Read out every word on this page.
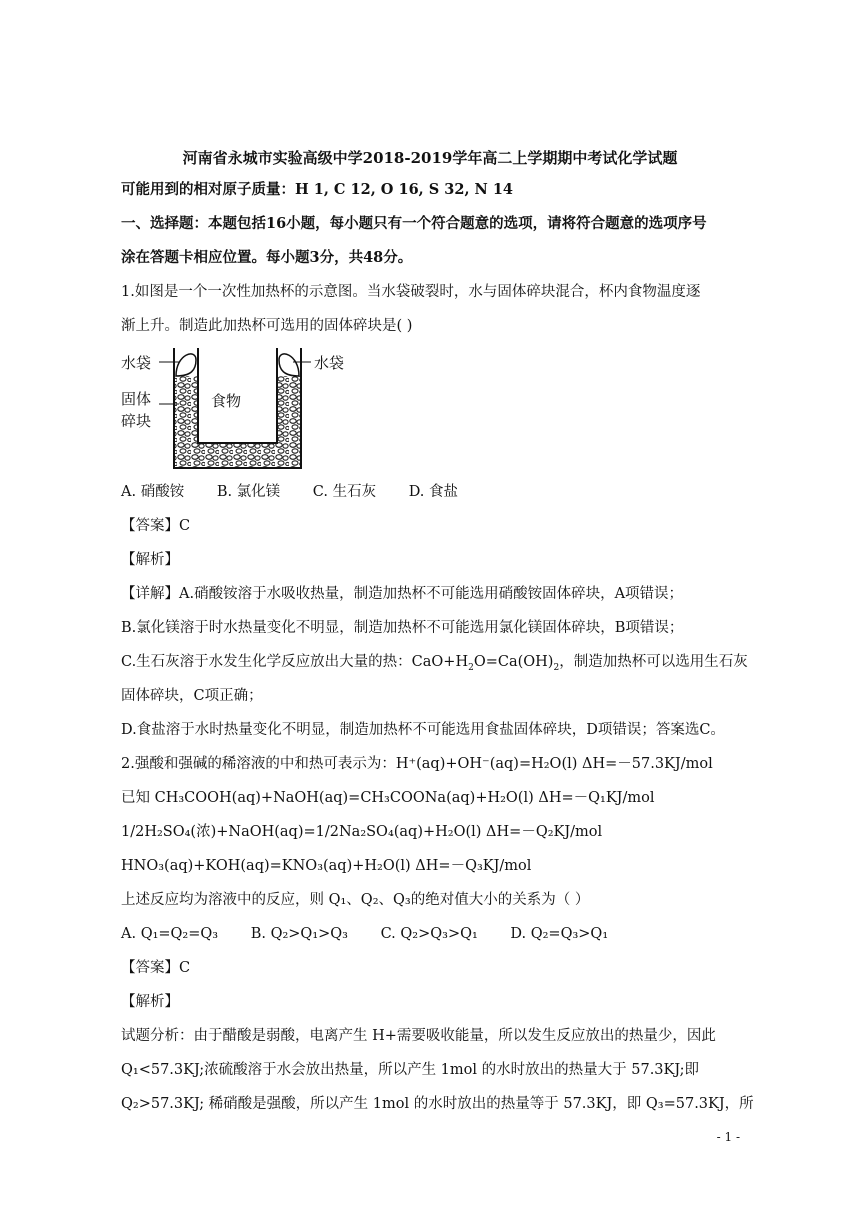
河南省永城市实验高级中学2018-2019学年高二上学期期中考试化学试题
可能用到的相对原子质量：H 1, C 12, O 16, S 32, N 14
一、选择题：本题包括16小题，每小题只有一个符合题意的选项，请将符合题意的选项序号
涂在答题卡相应位置。每小题3分，共48分。
1.如图是一个一次性加热杯的示意图。当水袋破裂时，水与固体碎块混合，杯内食物温度逐
渐上升。制造此加热杯可选用的固体碎块是( )
水袋	水袋
固体
碎块
食物
A. 硝酸铵 B. 氯化镁 C. 生石灰 D. 食盐
【答案】C
【解析】
【详解】A.硝酸铵溶于水吸收热量，制造加热杯不可能选用硝酸铵固体碎块，A项错误；
B.氯化镁溶于时水热量变化不明显，制造加热杯不可能选用氯化镁固体碎块，B项错误；
C.生石灰溶于水发生化学反应放出大量的热：$CaO+H_2O=Ca(OH)_2$，制造加热杯可以选用生石灰
固体碎块，C项正确；
D.食盐溶于水时热量变化不明显，制造加热杯不可能选用食盐固体碎块，D项错误；答案选C。
2.强酸和强碱的稀溶液的中和热可表示为：H⁺(aq)+OH⁻(aq)=H₂O(l) ΔH=－57.3KJ/mol
已知 CH₃COOH(aq)+NaOH(aq)=CH₃COONa(aq)+H₂O(l) ΔH=－Q₁KJ/mol
1/2H₂SO₄(浓)+NaOH(aq)=1/2Na₂SO₄(aq)+H₂O(l) ΔH=－Q₂KJ/mol
HNO₃(aq)+KOH(aq)=KNO₃(aq)+H₂O(l) ΔH=－Q₃KJ/mol
上述反应均为溶液中的反应，则 Q₁、Q₂、Q₃的绝对值大小的关系为（ ）
A. Q₁=Q₂=Q₃ B. Q₂>Q₁>Q₃ C. Q₂>Q₃>Q₁ D. Q₂=Q₃>Q₁
【答案】C
【解析】
试题分析：由于醋酸是弱酸，电离产生 H+需要吸收能量，所以发生反应放出的热量少，因此
Q₁<57.3KJ;浓硫酸溶于水会放出热量，所以产生 1mol 的水时放出的热量大于 57.3KJ;即
Q₂>57.3KJ; 稀硝酸是强酸，所以产生 1mol 的水时放出的热量等于 57.3KJ，即 Q₃=57.3KJ，所
- 1 -
